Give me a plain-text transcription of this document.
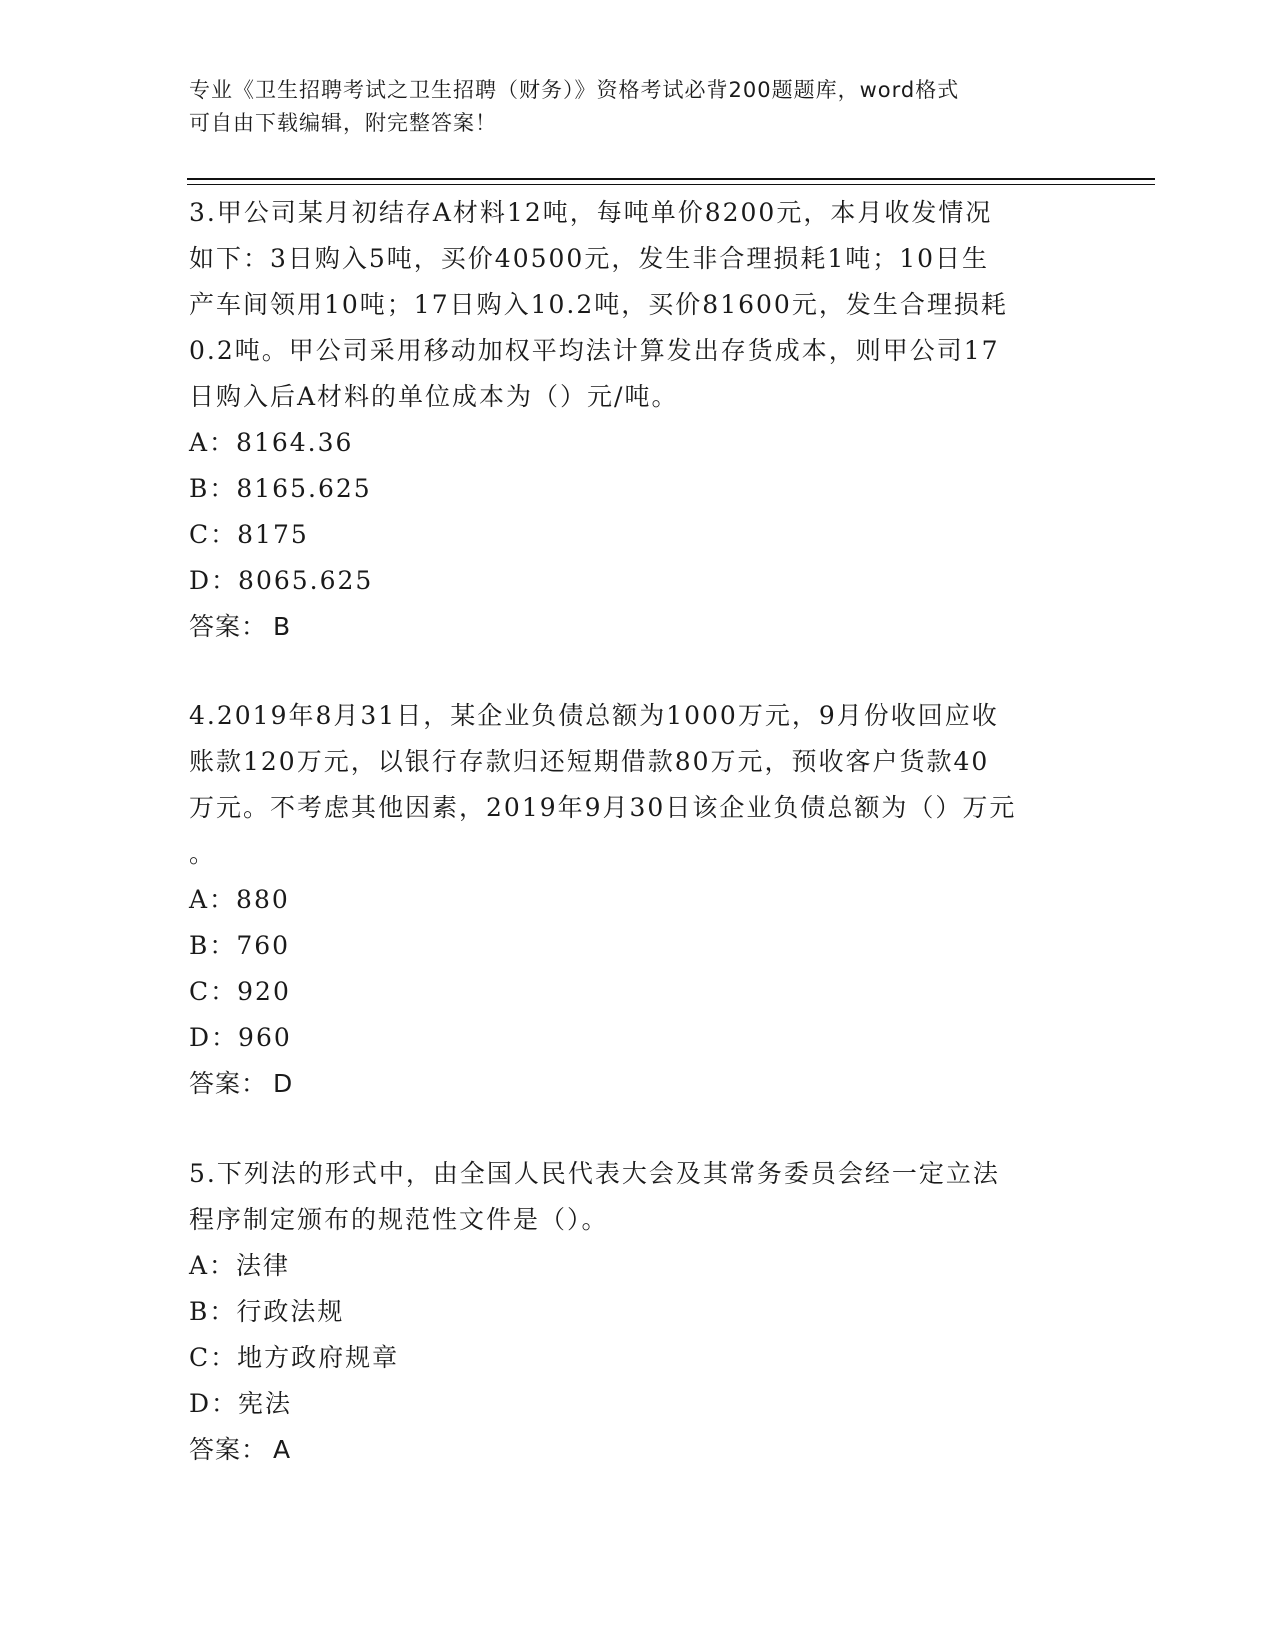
专业《卫生招聘考试之卫生招聘（财务）》资格考试必背200题题库，word格式
可自由下载编辑，附完整答案！
3.甲公司某月初结存A材料12吨，每吨单价8200元，本月收发情况
如下：3日购入5吨，买价40500元，发生非合理损耗1吨；10日生
产车间领用10吨；17日购入10.2吨，买价81600元，发生合理损耗
0.2吨。甲公司采用移动加权平均法计算发出存货成本，则甲公司17
日购入后A材料的单位成本为（）元/吨。
A：8164.36
B：8165.625
C：8175
D：8065.625
答案： B
4.2019年8月31日，某企业负债总额为1000万元，9月份收回应收
账款120万元，以银行存款归还短期借款80万元，预收客户货款40
万元。不考虑其他因素，2019年9月30日该企业负债总额为（）万元
。
A：880
B：760
C：920
D：960
答案： D
5.下列法的形式中，由全国人民代表大会及其常务委员会经一定立法
程序制定颁布的规范性文件是（）。
A：法律
B：行政法规
C：地方政府规章
D：宪法
答案： A
